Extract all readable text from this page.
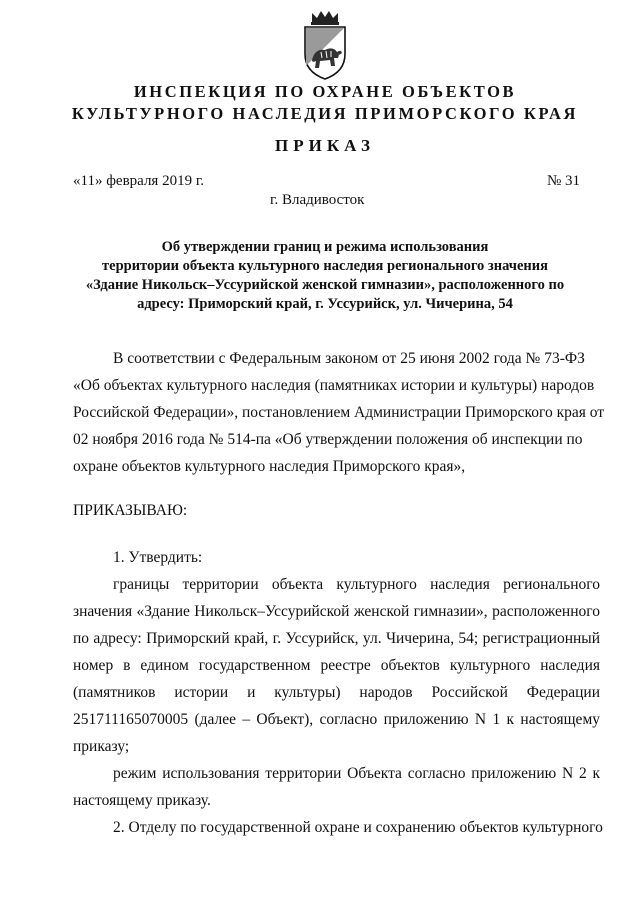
ИНСПЕКЦИЯ ПО ОХРАНЕ ОБЪЕКТОВ
КУЛЬТУРНОГО НАСЛЕДИЯ ПРИМОРСКОГО КРАЯ
ПРИКАЗ
«11» февраля 2019 г.	№ 31
г. Владивосток
Об утверждении границ и режима использования
территории объекта культурного наследия регионального значения
«Здание Никольск–Уссурийской женской гимназии», расположенного по
адресу: Приморский край, г. Уссурийск, ул. Чичерина, 54
В соответствии с Федеральным законом от 25 июня 2002 года № 73-ФЗ
«Об объектах культурного наследия (памятниках истории и культуры) народов
Российской Федерации», постановлением Администрации Приморского края от
02 ноября 2016 года № 514-па «Об утверждении положения об инспекции по
охране объектов культурного наследия Приморского края»,
ПРИКАЗЫВАЮ:
1. Утвердить:
границы территории объекта культурного наследия регионального
значения «Здание Никольск–Уссурийской женской гимназии», расположенного
по адресу: Приморский край, г. Уссурийск, ул. Чичерина, 54; регистрационный
номер в едином государственном реестре объектов культурного наследия
(памятников истории и культуры) народов Российской Федерации
251711165070005 (далее – Объект), согласно приложению N 1 к настоящему
приказу;
режим использования территории Объекта согласно приложению N 2 к
настоящему приказу.
2. Отделу по государственной охране и сохранению объектов культурного
